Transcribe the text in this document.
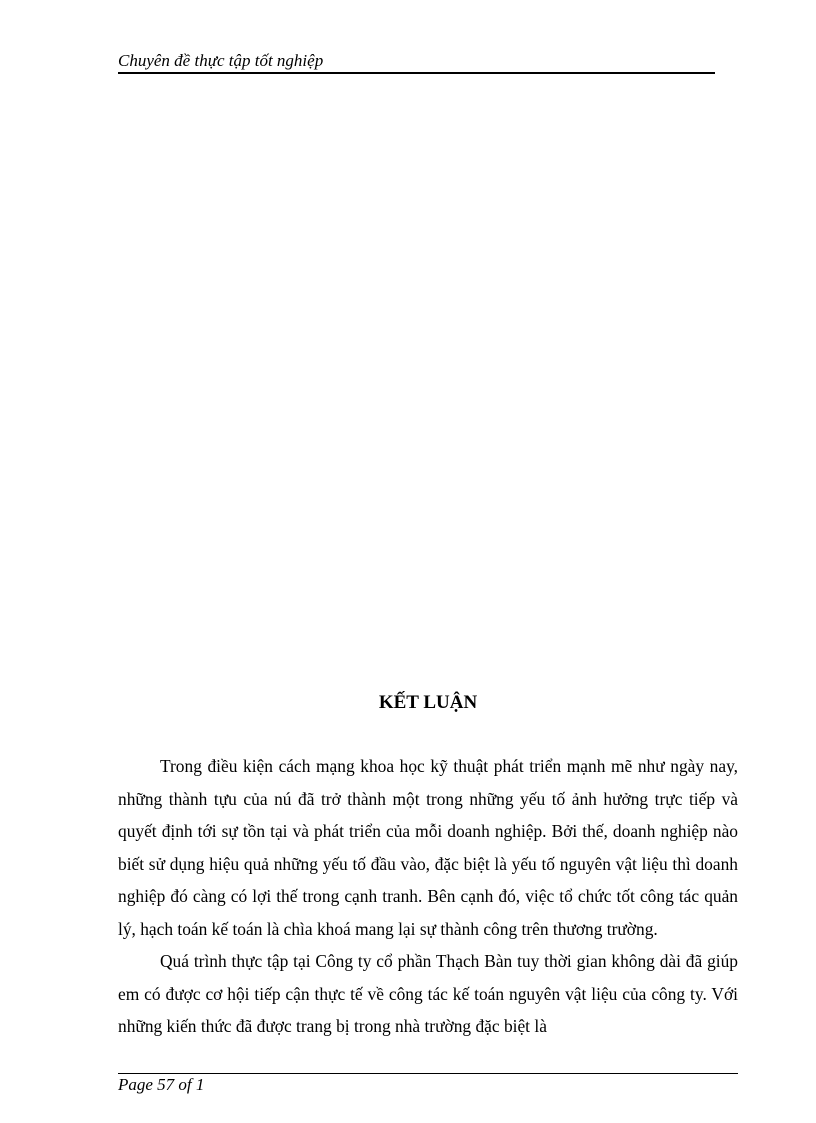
Chuyên đề thực tập tốt nghiệp
KẾT LUẬN

Trong điều kiện cách mạng khoa học kỹ thuật phát triển mạnh mẽ như ngày nay, những thành tựu của nú đã trở thành một trong những yếu tố ảnh hưởng trực tiếp và quyết định tới sự tồn tại và phát triển của mỗi doanh nghiệp. Bởi thế, doanh nghiệp nào biết sử dụng hiệu quả những yếu tố đầu vào, đặc biệt là yếu tố nguyên vật liệu thì doanh nghiệp đó càng có lợi thế trong cạnh tranh. Bên cạnh đó, việc tổ chức tốt công tác quản lý, hạch toán kế toán là chìa khoá mang lại sự thành công trên thương trường.

Quá trình thực tập tại Công ty cổ phần Thạch Bàn tuy thời gian không dài đã giúp em có được cơ hội tiếp cận thực tế về công tác kế toán nguyên vật liệu của công ty. Với những kiến thức đã được trang bị trong nhà trường đặc biệt là

Page 57 of 1
